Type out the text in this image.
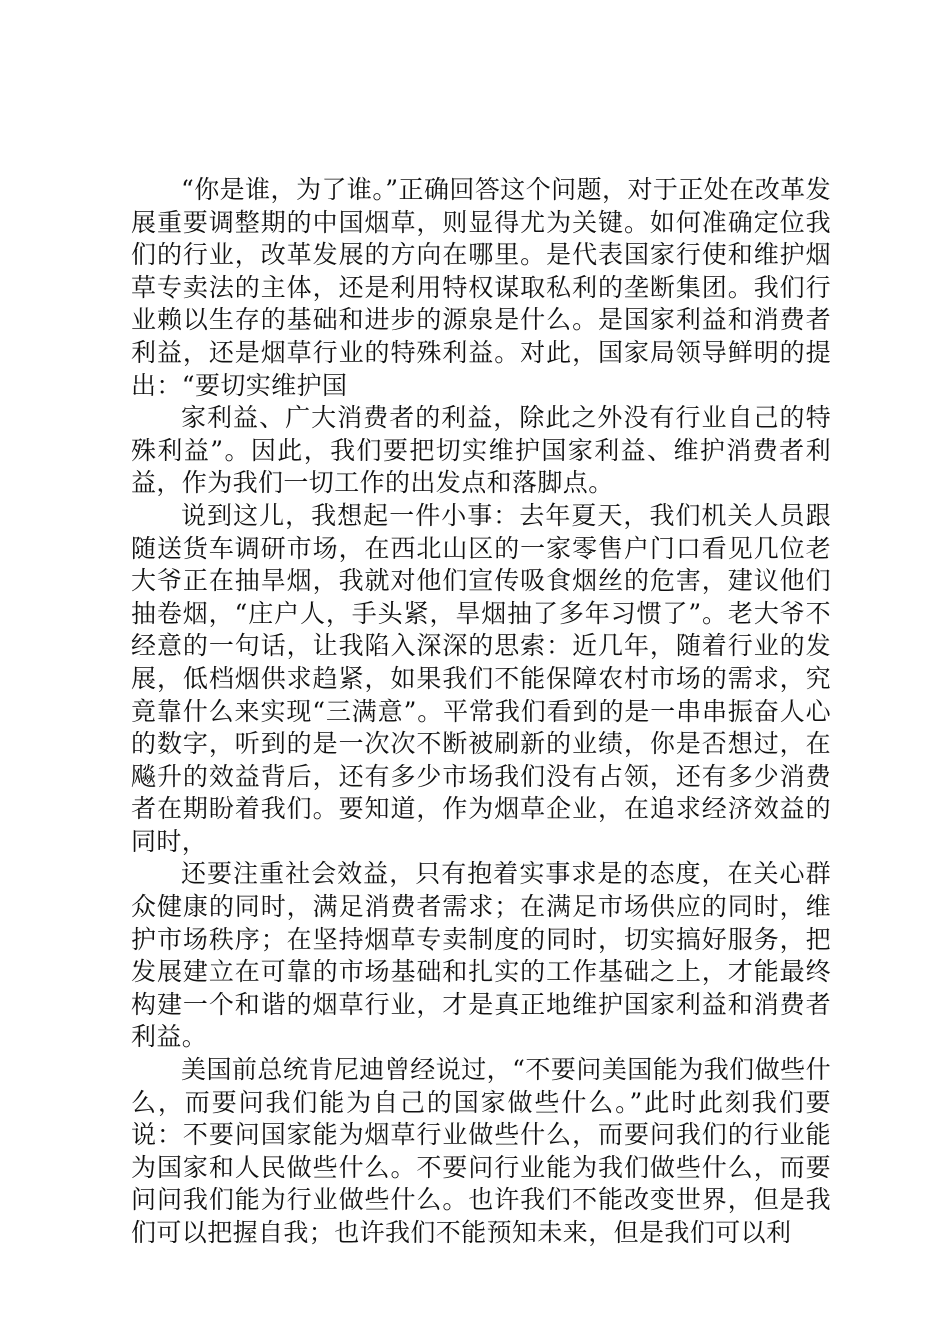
“你是谁，为了谁。”正确回答这个问题，对于正处在改革发展重要调整期的中国烟草，则显得尤为关键。如何准确定位我们的行业，改革发展的方向在哪里。是代表国家行使和维护烟草专卖法的主体，还是利用特权谋取私利的垄断集团。我们行业赖以生存的基础和进步的源泉是什么。是国家利益和消费者利益，还是烟草行业的特殊利益。对此，国家局领导鲜明的提出：“要切实维护国

家利益、广大消费者的利益，除此之外没有行业自己的特殊利益”。因此，我们要把切实维护国家利益、维护消费者利益，作为我们一切工作的出发点和落脚点。

说到这儿，我想起一件小事：去年夏天，我们机关人员跟随送货车调研市场，在西北山区的一家零售户门口看见几位老大爷正在抽旱烟，我就对他们宣传吸食烟丝的危害，建议他们抽卷烟，“庄户人，手头紧，旱烟抽了多年习惯了”。老大爷不经意的一句话，让我陷入深深的思索：近几年，随着行业的发展，低档烟供求趋紧，如果我们不能保障农村市场的需求，究竟靠什么来实现“三满意”。平常我们看到的是一串串振奋人心的数字，听到的是一次次不断被刷新的业绩，你是否想过，在飚升的效益背后，还有多少市场我们没有占领，还有多少消费者在期盼着我们。要知道，作为烟草企业，在追求经济效益的同时，

还要注重社会效益，只有抱着实事求是的态度，在关心群众健康的同时，满足消费者需求；在满足市场供应的同时，维护市场秩序；在坚持烟草专卖制度的同时，切实搞好服务，把发展建立在可靠的市场基础和扎实的工作基础之上，才能最终构建一个和谐的烟草行业，才是真正地维护国家利益和消费者利益。

美国前总统肯尼迪曾经说过，“不要问美国能为我们做些什么，而要问我们能为自己的国家做些什么。”此时此刻我们要说：不要问国家能为烟草行业做些什么，而要问我们的行业能为国家和人民做些什么。不要问行业能为我们做些什么，而要问问我们能为行业做些什么。也许我们不能改变世界，但是我们可以把握自我；也许我们不能预知未来，但是我们可以利
